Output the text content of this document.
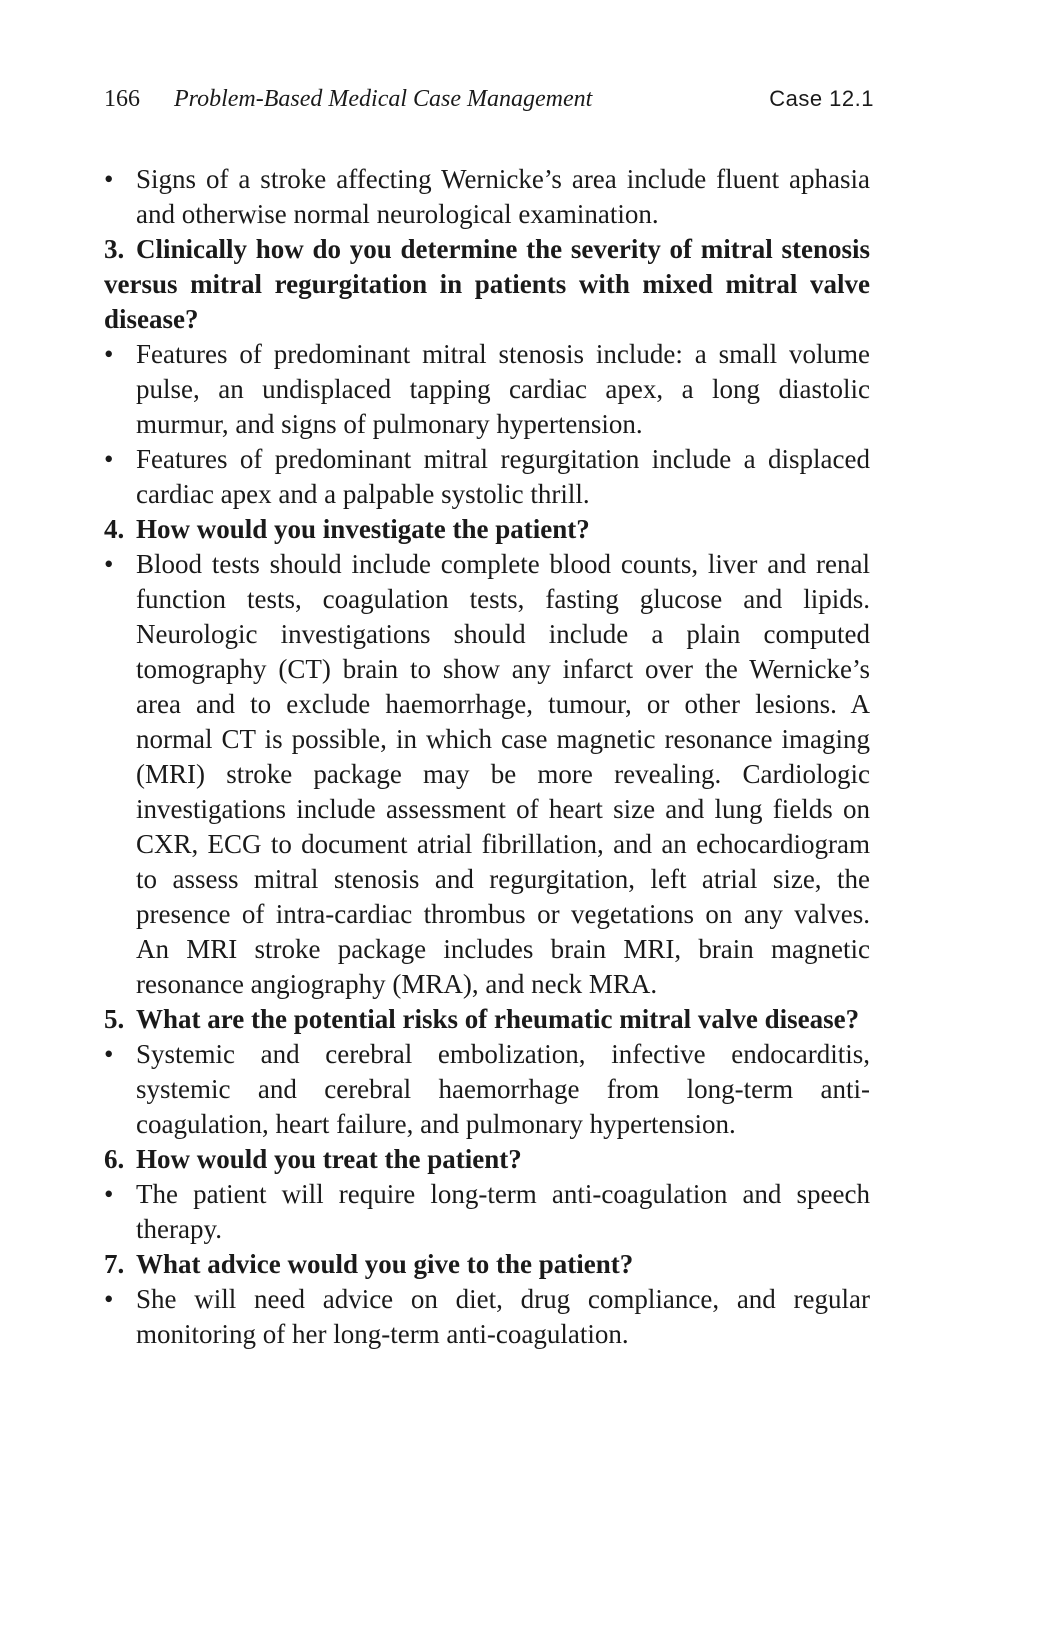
166 Problem-Based Medical Case Management	Case 12.1

• Signs of a stroke affecting Wernicke’s area include fluent aphasia and otherwise normal neurological examination.

3. Clinically how do you determine the severity of mitral stenosis versus mitral regurgitation in patients with mixed mitral valve disease?

• Features of predominant mitral stenosis include: a small volume pulse, an undisplaced tapping cardiac apex, a long diastolic murmur, and signs of pulmonary hypertension.

• Features of predominant mitral regurgitation include a displaced cardiac apex and a palpable systolic thrill.

4. How would you investigate the patient?

• Blood tests should include complete blood counts, liver and renal function tests, coagulation tests, fasting glucose and lipids. Neurologic investigations should include a plain computed tomography (CT) brain to show any infarct over the Wernicke’s area and to exclude haemorrhage, tumour, or other lesions. A normal CT is possible, in which case magnetic resonance imaging (MRI) stroke package may be more revealing. Cardiologic investigations include assessment of heart size and lung fields on CXR, ECG to document atrial fibrillation, and an echocardiogram to assess mitral stenosis and regurgitation, left atrial size, the presence of intra-cardiac thrombus or vegetations on any valves. An MRI stroke package includes brain MRI, brain magnetic resonance angiography (MRA), and neck MRA.

5. What are the potential risks of rheumatic mitral valve disease?

• Systemic and cerebral embolization, infective endocarditis, systemic and cerebral haemorrhage from long-term anti-coagulation, heart failure, and pulmonary hypertension.

6. How would you treat the patient?

• The patient will require long-term anti-coagulation and speech therapy.

7. What advice would you give to the patient?

• She will need advice on diet, drug compliance, and regular monitoring of her long-term anti-coagulation.
